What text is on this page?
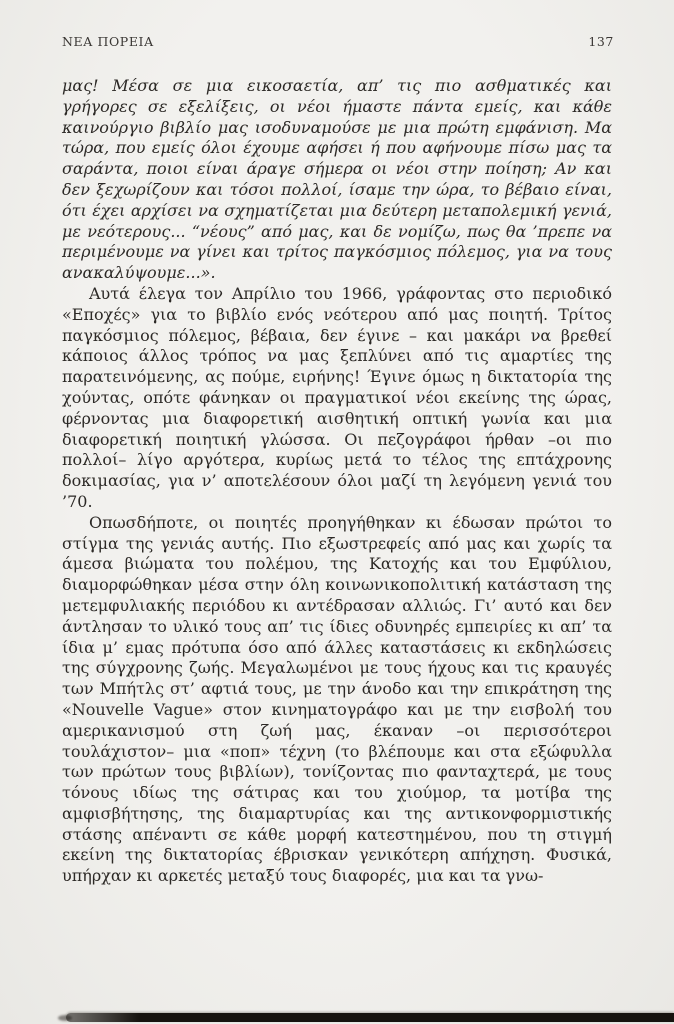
ΝΕΑ ΠΟΡΕΙΑ	137

μας! Μέσα σε μια εικοσαετία, απ’ τις πιο ασθματικές και γρήγορες σε εξελίξεις, οι νέοι ήμαστε πάντα εμείς, και κάθε καινούργιο βιβλίο μας ισοδυναμούσε με μια πρώτη εμφάνιση. Μα τώρα, που εμείς όλοι έχουμε αφήσει ή που αφήνουμε πίσω μας τα σαράντα, ποιοι είναι άραγε σήμερα οι νέοι στην ποίηση; Αν και δεν ξεχωρίζουν και τόσοι πολλοί, ίσαμε την ώρα, το βέβαιο είναι, ότι έχει αρχίσει να σχηματίζεται μια δεύτερη μεταπολεμική γενιά, με νεότερους... “νέους” από μας, και δε νομίζω, πως θα ’πρεπε να περιμένουμε να γίνει και τρίτος παγκόσμιος πόλεμος, για να τους ανακαλύψουμε...».

Αυτά έλεγα τον Απρίλιο του 1966, γράφοντας στο περιοδικό «Εποχές» για το βιβλίο ενός νεότερου από μας ποιητή. Τρίτος παγκόσμιος πόλεμος, βέβαια, δεν έγινε – και μακάρι να βρεθεί κάποιος άλλος τρόπος να μας ξεπλύνει από τις αμαρτίες της παρατεινόμενης, ας πούμε, ειρήνης! Έγινε όμως η δικτατορία της χούντας, οπότε φάνηκαν οι πραγματικοί νέοι εκείνης της ώρας, φέρνοντας μια διαφορετική αισθητική οπτική γωνία και μια διαφορετική ποιητική γλώσσα. Οι πεζογράφοι ήρθαν –οι πιο πολλοί– λίγο αργότερα, κυρίως μετά το τέλος της επτάχρονης δοκιμασίας, για ν’ αποτελέσουν όλοι μαζί τη λεγόμενη γενιά του ’70.

Οπωσδήποτε, οι ποιητές προηγήθηκαν κι έδωσαν πρώτοι το στίγμα της γενιάς αυτής. Πιο εξωστρεφείς από μας και χωρίς τα άμεσα βιώματα του πολέμου, της Κατοχής και του Εμφύλιου, διαμορφώθηκαν μέσα στην όλη κοινωνικοπολιτική κατάσταση της μετεμφυλιακής περιόδου κι αντέδρασαν αλλιώς. Γι’ αυτό και δεν άντλησαν το υλικό τους απ’ τις ίδιες οδυνηρές εμπειρίες κι απ’ τα ίδια μ’ εμας πρότυπα όσο από άλλες καταστάσεις κι εκδηλώσεις της σύγχρονης ζωής. Μεγαλωμένοι με τους ήχους και τις κραυγές των Μπήτλς στ’ αφτιά τους, με την άνοδο και την επικράτηση της «Nouvelle Vague» στον κινηματογράφο και με την εισβολή του αμερικανισμού στη ζωή μας, έκαναν –οι περισσότεροι τουλάχιστον– μια «ποπ» τέχνη (το βλέπουμε και στα εξώφυλλα των πρώτων τους βιβλίων), τονίζοντας πιο φανταχτερά, με τους τόνους ιδίως της σάτιρας και του χιούμορ, τα μοτίβα της αμφισβήτησης, της διαμαρτυρίας και της αντικονφορμιστικής στάσης απέναντι σε κάθε μορφή κατεστημένου, που τη στιγμή εκείνη της δικτατορίας έβρισκαν γενικότερη απήχηση. Φυσικά, υπήρχαν κι αρκετές μεταξύ τους διαφορές, μια και τα γνω-
